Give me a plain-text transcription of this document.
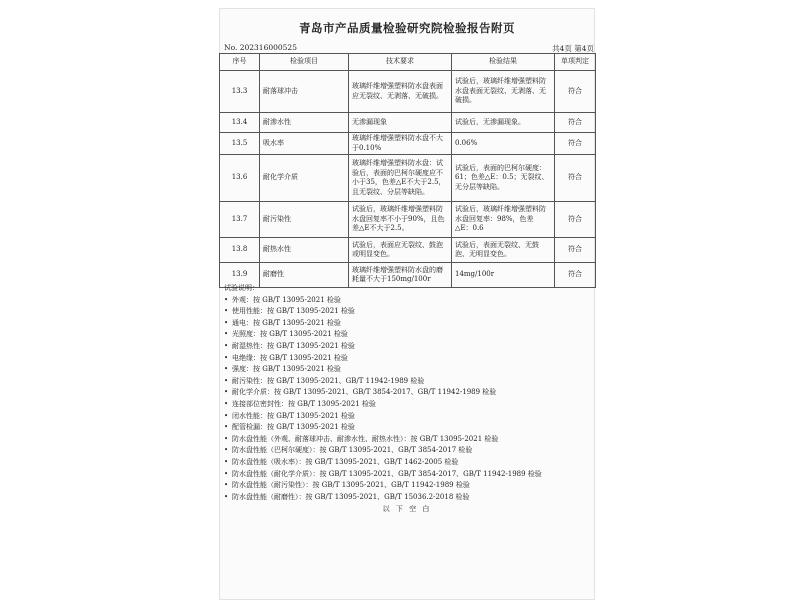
青岛市产品质量检验研究院检验报告附页
No. 202316000525	共4页 第4页
序号	检验项目	技术要求	检验结果	单项判定
13.3	耐落球冲击	玻璃纤维增强塑料防水盘表面应无裂纹、无剥落、无破损。	试验后，玻璃纤维增强塑料防水盘表面无裂纹、无剥落、无破损。	符合
13.4	耐渗水性	无渗漏现象	试验后，无渗漏现象。	符合
13.5	吸水率	玻璃纤维增强塑料防水盘不大于0.10%	0.06%	符合
13.6	耐化学介质	玻璃纤维增强塑料防水盘：试验后，表面的巴柯尔硬度应不小于35，色差△E不大于2.5，且无裂纹、分层等缺陷。	试验后，表面的巴柯尔硬度：61；色差△E：0.5；无裂纹、无分层等缺陷。	符合
13.7	耐污染性	试验后，玻璃纤维增强塑料防水盘回复率不小于90%，且色差△E不大于2.5。	试验后，玻璃纤维增强塑料防水盘回复率：98%，色差△E：0.6	符合
13.8	耐热水性	试验后，表面应无裂纹、鼓泡或明显变色。	试验后，表面无裂纹、无鼓泡、无明显变色。	符合
13.9	耐磨性	玻璃纤维增强塑料防水盘的磨耗量不大于150mg/100r	14mg/100r	符合
试验说明：
• 外观：按 GB/T 13095-2021 检验
• 使用性能：按 GB/T 13095-2021 检验
• 通电：按 GB/T 13095-2021 检验
• 光照度：按 GB/T 13095-2021 检验
• 耐湿热性：按 GB/T 13095-2021 检验
• 电绝缘：按 GB/T 13095-2021 检验
• 强度：按 GB/T 13095-2021 检验
• 耐污染性：按 GB/T 13095-2021、GB/T 11942-1989 检验
• 耐化学介质：按 GB/T 13095-2021、GB/T 3854-2017、GB/T 11942-1989 检验
• 连接部位密封性：按 GB/T 13095-2021 检验
• 闭水性能：按 GB/T 13095-2021 检验
• 配管检漏：按 GB/T 13095-2021 检验
• 防水盘性能（外观、耐落球冲击、耐渗水性、耐热水性）：按 GB/T 13095-2021 检验
• 防水盘性能（巴柯尔硬度）：按 GB/T 13095-2021、GB/T 3854-2017 检验
• 防水盘性能（吸水率）：按 GB/T 13095-2021、GB/T 1462-2005 检验
• 防水盘性能（耐化学介质）：按 GB/T 13095-2021、GB/T 3854-2017、GB/T 11942-1989 检验
• 防水盘性能（耐污染性）：按 GB/T 13095-2021、GB/T 11942-1989 检验
• 防水盘性能（耐磨性）：按 GB/T 13095-2021、GB/T 15036.2-2018 检验
以 下 空 白
